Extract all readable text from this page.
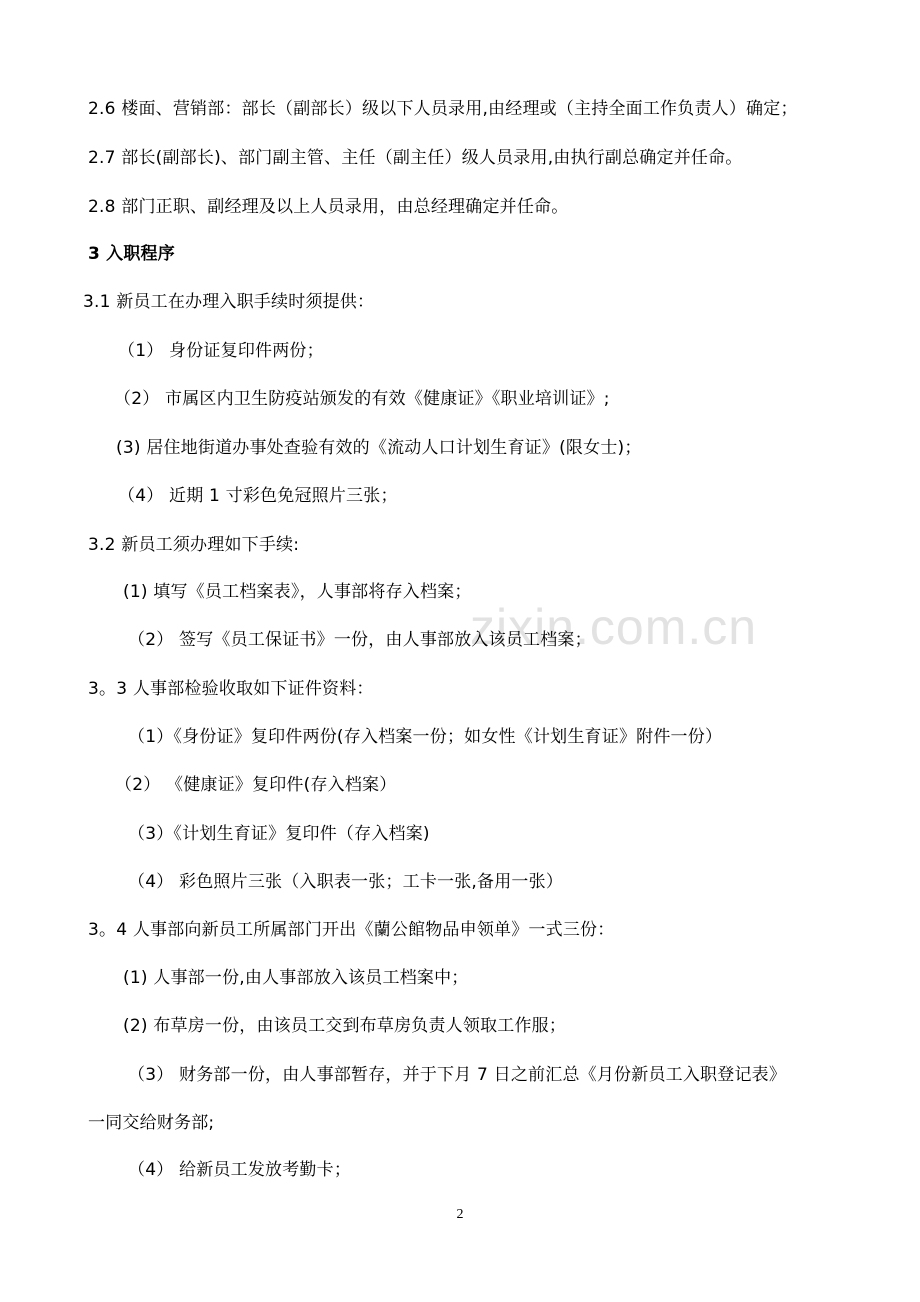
zixin.com.cn
2.6 楼面、营销部：部长（副部长）级以下人员录用,由经理或（主持全面工作负责人）确定；
2.7 部长(副部长)、部门副主管、主任（副主任）级人员录用,由执行副总确定并任命。
2.8 部门正职、副经理及以上人员录用，由总经理确定并任命。
3 入职程序
3.1 新员工在办理入职手续时须提供：
（1） 身份证复印件两份；
（2） 市属区内卫生防疫站颁发的有效《健康证》《职业培训证》;
(3) 居住地街道办事处查验有效的《流动人口计划生育证》(限女士)；
（4） 近期 1 寸彩色免冠照片三张；
3.2 新员工须办理如下手续:
(1) 填写《员工档案表》，人事部将存入档案；
（2） 签写《员工保证书》一份，由人事部放入该员工档案；
3。3 人事部检验收取如下证件资料：
（1）《身份证》复印件两份(存入档案一份；如女性《计划生育证》附件一份）
（2） 《健康证》复印件(存入档案）
（3）《计划生育证》复印件（存入档案)
（4） 彩色照片三张（入职表一张；工卡一张,备用一张）
3。4 人事部向新员工所属部门开出《蘭公館物品申领单》一式三份：
(1) 人事部一份,由人事部放入该员工档案中；
(2) 布草房一份，由该员工交到布草房负责人领取工作服；
（3） 财务部一份，由人事部暂存，并于下月 7 日之前汇总《月份新员工入职登记表》
一同交给财务部;
（4） 给新员工发放考勤卡；
2
